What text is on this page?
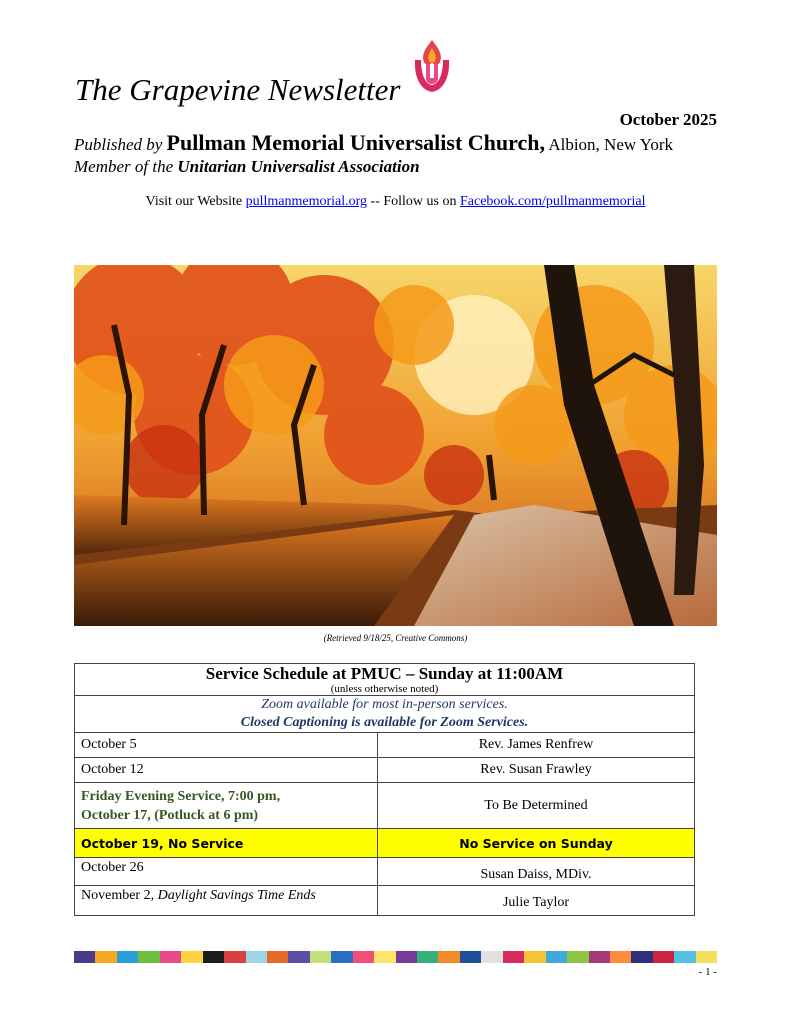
The Grapevine Newsletter
October 2025
Published by Pullman Memorial Universalist Church, Albion, New York
Member of the Unitarian Universalist Association
Visit our Website pullmanmemorial.org -- Follow us on Facebook.com/pullmanmemorial
(Retrieved 9/18/25, Creative Commons)
Service Schedule at PMUC – Sunday at 11:00AM
(unless otherwise noted)	

Zoom available for most in-person services.
Closed Captioning is available for Zoom Services.	

October 5	Rev. James Renfrew
October 12	Rev. Susan Frawley

Friday Evening Service, 7:00 pm,
October 17, (Potluck at 6 pm)	To Be Determined
October 19, No Service	No Service on Sunday
October 26	Susan Daiss, MDiv.
November 2, Daylight Savings Time Ends	Julie Taylor
- 1 -
